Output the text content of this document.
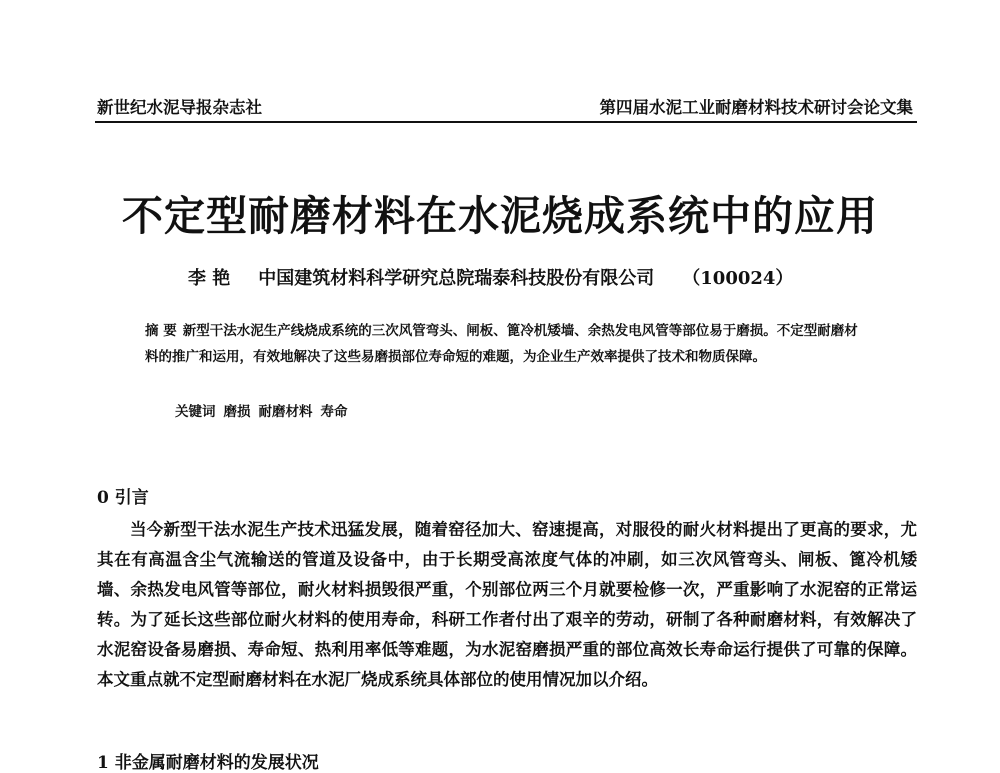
新世纪水泥导报杂志社	第四届水泥工业耐磨材料技术研讨会论文集
不定型耐磨材料在水泥烧成系统中的应用
李 艳 中国建筑材料科学研究总院瑞泰科技股份有限公司 （100024）

摘 要 新型干法水泥生产线烧成系统的三次风管弯头、闸板、篦冷机矮墙、余热发电风管等部位易于磨损。不定型耐磨材料的推广和运用，有效地解决了这些易磨损部位寿命短的难题，为企业生产效率提供了技术和物质保障。

关键词 磨损 耐磨材料 寿命
0 引言

当今新型干法水泥生产技术迅猛发展，随着窑径加大、窑速提高，对服役的耐火材料提出了更高的要求，尤其在有高温含尘气流输送的管道及设备中，由于长期受高浓度气体的冲刷，如三次风管弯头、闸板、篦冷机矮墙、余热发电风管等部位，耐火材料损毁很严重，个别部位两三个月就要检修一次，严重影响了水泥窑的正常运转。为了延长这些部位耐火材料的使用寿命，科研工作者付出了艰辛的劳动，研制了各种耐磨材料，有效解决了水泥窑设备易磨损、寿命短、热利用率低等难题，为水泥窑磨损严重的部位高效长寿命运行提供了可靠的保障。本文重点就不定型耐磨材料在水泥厂烧成系统具体部位的使用情况加以介绍。

1 非金属耐磨材料的发展状况
